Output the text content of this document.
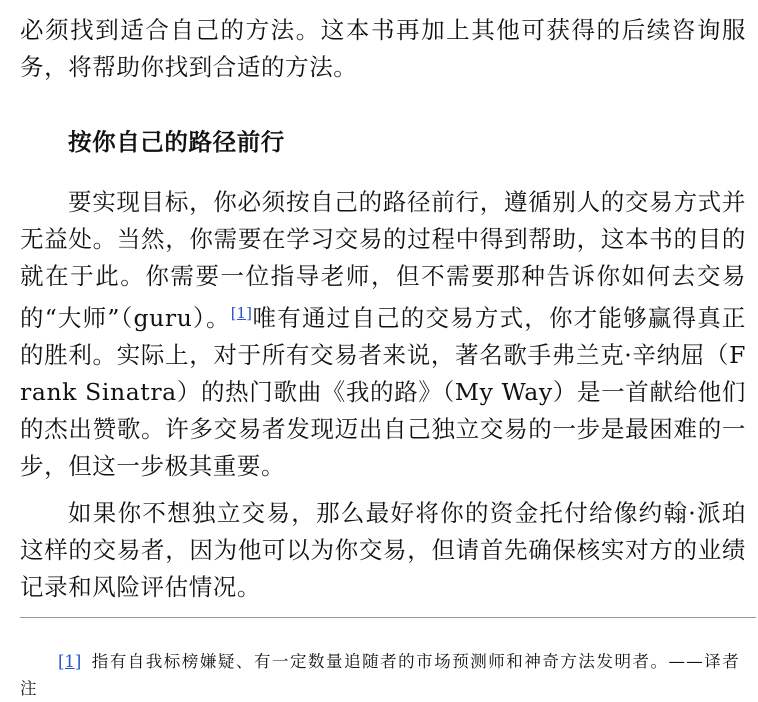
必须找到适合自己的方法。这本书再加上其他可获得的后续咨询服务，将帮助你找到合适的方法。

按你自己的路径前行

要实现目标，你必须按自己的路径前行，遵循别人的交易方式并无益处。当然，你需要在学习交易的过程中得到帮助，这本书的目的就在于此。你需要一位指导老师，但不需要那种告诉你如何去交易的“大师”（guru）。[1]唯有通过自己的交易方式，你才能够赢得真正的胜利。实际上，对于所有交易者来说，著名歌手弗兰克·辛纳屈（Frank Sinatra）的热门歌曲《我的路》（My Way）是一首献给他们的杰出赞歌。许多交易者发现迈出自己独立交易的一步是最困难的一步，但这一步极其重要。

如果你不想独立交易，那么最好将你的资金托付给像约翰·派珀这样的交易者，因为他可以为你交易，但请首先确保核实对方的业绩记录和风险评估情况。

[1] 指有自我标榜嫌疑、有一定数量追随者的市场预测师和神奇方法发明者。——译者注
